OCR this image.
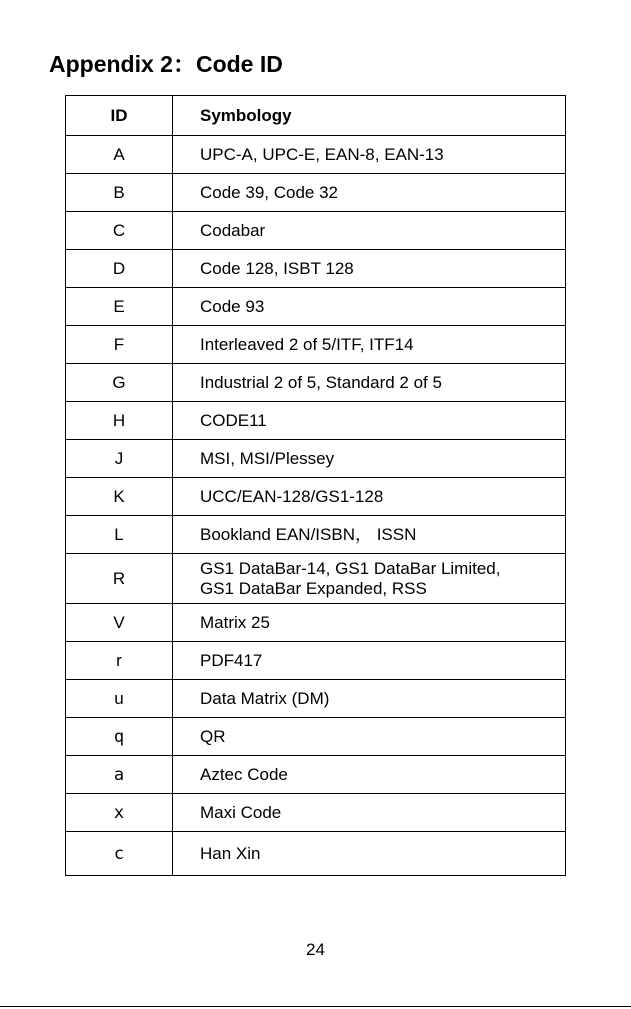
Appendix 2：Code ID
ID	Symbology
A	UPC-A, UPC-E, EAN-8, EAN-13
B	Code 39, Code 32
C	Codabar
D	Code 128, ISBT 128
E	Code 93
F	Interleaved 2 of 5/ITF, ITF14
G	Industrial 2 of 5, Standard 2 of 5
H	CODE11
J	MSI, MSI/Plessey
K	UCC/EAN-128/GS1-128
L	Bookland EAN/ISBN， ISSN
R	GS1 DataBar-14, GS1 DataBar Limited,
GS1 DataBar Expanded, RSS

V	Matrix 25
r	PDF417
u	Data Matrix (DM)
q	QR
a	Aztec Code
x	Maxi Code
c	Han Xin
24
